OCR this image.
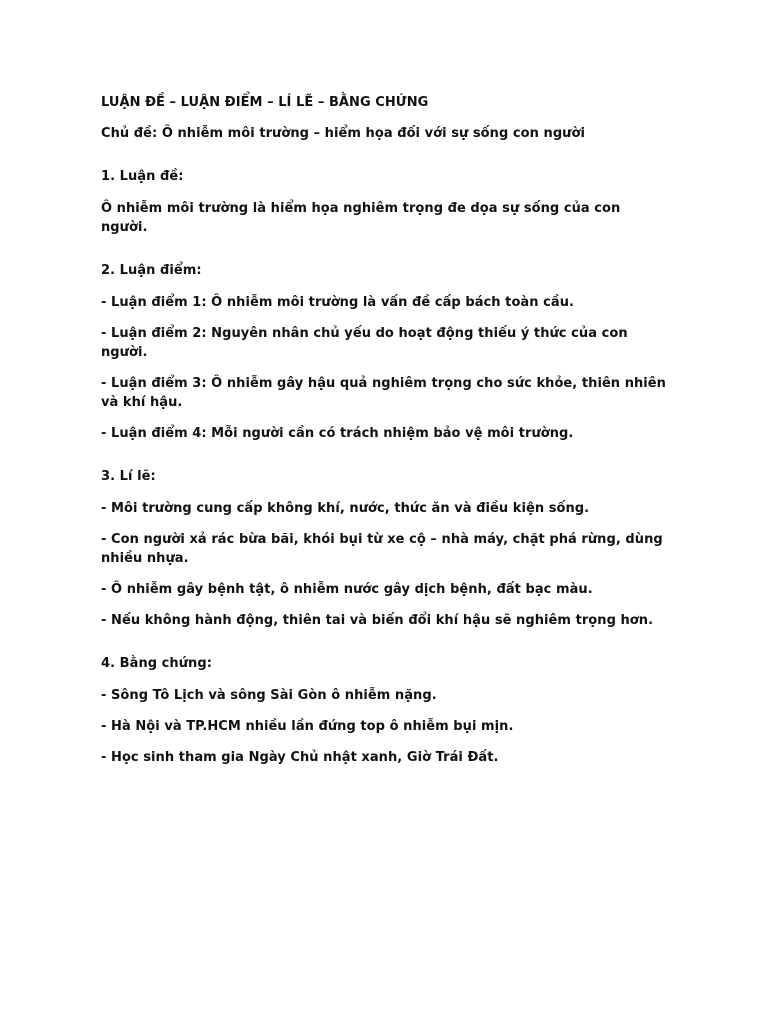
LUẬN ĐỀ – LUẬN ĐIỂM – LÍ LẼ – BẰNG CHỨNG

Chủ đề: Ô nhiễm môi trường – hiểm họa đối với sự sống con người

1. Luận đề:

Ô nhiễm môi trường là hiểm họa nghiêm trọng đe dọa sự sống của con người.

2. Luận điểm:

- Luận điểm 1: Ô nhiễm môi trường là vấn đề cấp bách toàn cầu.

- Luận điểm 2: Nguyên nhân chủ yếu do hoạt động thiếu ý thức của con người.

- Luận điểm 3: Ô nhiễm gây hậu quả nghiêm trọng cho sức khỏe, thiên nhiên và khí hậu.

- Luận điểm 4: Mỗi người cần có trách nhiệm bảo vệ môi trường.

3. Lí lẽ:

- Môi trường cung cấp không khí, nước, thức ăn và điều kiện sống.

- Con người xả rác bừa bãi, khói bụi từ xe cộ – nhà máy, chặt phá rừng, dùng nhiều nhựa.

- Ô nhiễm gây bệnh tật, ô nhiễm nước gây dịch bệnh, đất bạc màu.

- Nếu không hành động, thiên tai và biến đổi khí hậu sẽ nghiêm trọng hơn.

4. Bằng chứng:

- Sông Tô Lịch và sông Sài Gòn ô nhiễm nặng.

- Hà Nội và TP.HCM nhiều lần đứng top ô nhiễm bụi mịn.

- Học sinh tham gia Ngày Chủ nhật xanh, Giờ Trái Đất.
